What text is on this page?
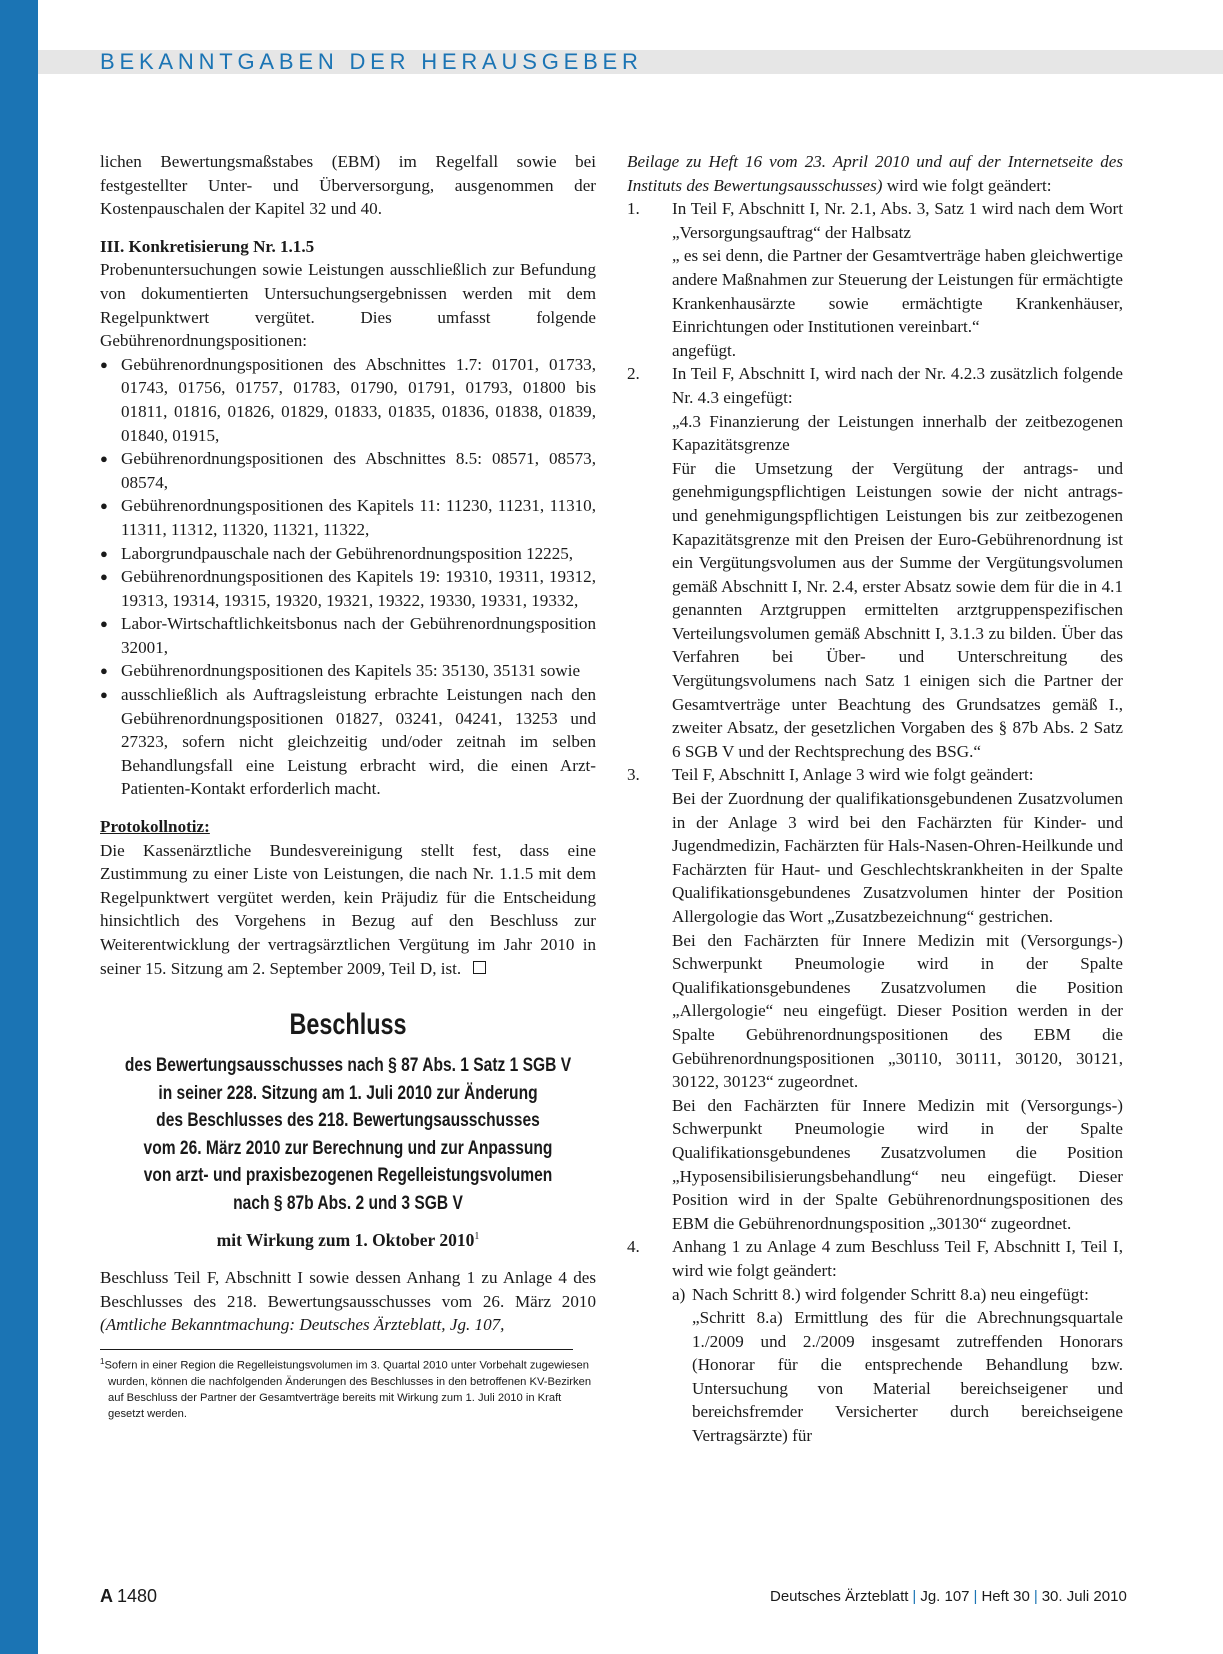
BEKANNTGABEN DER HERAUSGEBER

lichen Bewertungsmaßstabes (EBM) im Regelfall sowie bei festgestellter Unter- und Überversorgung, ausgenommen der Kostenpauschalen der Kapitel 32 und 40.

III. Konkretisierung Nr. 1.1.5

Probenuntersuchungen sowie Leistungen ausschließlich zur Befundung von dokumentierten Untersuchungsergebnissen werden mit dem Regelpunktwert vergütet. Dies umfasst folgende Gebührenordnungspositionen:

● Gebührenordnungspositionen des Abschnittes 1.7: 01701, 01733, 01743, 01756, 01757, 01783, 01790, 01791, 01793, 01800 bis 01811, 01816, 01826, 01829, 01833, 01835, 01836, 01838, 01839, 01840, 01915,
● Gebührenordnungspositionen des Abschnittes 8.5: 08571, 08573, 08574,
● Gebührenordnungspositionen des Kapitels 11: 11230, 11231, 11310, 11311, 11312, 11320, 11321, 11322,
● Laborgrundpauschale nach der Gebührenordnungsposition 12225,
● Gebührenordnungspositionen des Kapitels 19: 19310, 19311, 19312, 19313, 19314, 19315, 19320, 19321, 19322, 19330, 19331, 19332,
● Labor-Wirtschaftlichkeitsbonus nach der Gebührenordnungsposition 32001,
● Gebührenordnungspositionen des Kapitels 35: 35130, 35131 sowie
● ausschließlich als Auftragsleistung erbrachte Leistungen nach den Gebührenordnungspositionen 01827, 03241, 04241, 13253 und 27323, sofern nicht gleichzeitig und/oder zeitnah im selben Behandlungsfall eine Leistung erbracht wird, die einen Arzt-Patienten-Kontakt erforderlich macht.

Protokollnotiz:

Die Kassenärztliche Bundesvereinigung stellt fest, dass eine Zustimmung zu einer Liste von Leistungen, die nach Nr. 1.1.5 mit dem Regelpunktwert vergütet werden, kein Präjudiz für die Entscheidung hinsichtlich des Vorgehens in Bezug auf den Beschluss zur Weiterentwicklung der vertragsärztlichen Vergütung im Jahr 2010 in seiner 15. Sitzung am 2. September 2009, Teil D, ist.

Beschluss
des Bewertungsausschusses nach § 87 Abs. 1 Satz 1 SGB V
in seiner 228. Sitzung am 1. Juli 2010 zur Änderung
des Beschlusses des 218. Bewertungsausschusses
vom 26. März 2010 zur Berechnung und zur Anpassung
von arzt- und praxisbezogenen Regelleistungsvolumen
nach § 87b Abs. 2 und 3 SGB V
mit Wirkung zum 1. Oktober 2010$^1$

Beschluss Teil F, Abschnitt I sowie dessen Anhang 1 zu Anlage 4 des Beschlusses des 218. Bewertungsausschusses vom 26. März 2010 (Amtliche Bekanntmachung: Deutsches Ärzteblatt, Jg. 107,

$^1$Sofern in einer Region die Regelleistungsvolumen im 3. Quartal 2010 unter Vorbehalt zugewiesen wurden, können die nachfolgenden Änderungen des Beschlusses in den betroffenen KV-Bezirken auf Beschluss der Partner der Gesamtverträge bereits mit Wirkung zum 1. Juli 2010 in Kraft gesetzt werden.

Beilage zu Heft 16 vom 23. April 2010 und auf der Internetseite des Instituts des Bewertungsausschusses) wird wie folgt geändert:

1. In Teil F, Abschnitt I, Nr. 2.1, Abs. 3, Satz 1 wird nach dem Wort „Versorgungsauftrag“ der Halbsatz

„ es sei denn, die Partner der Gesamtverträge haben gleichwertige andere Maßnahmen zur Steuerung der Leistungen für ermächtigte Krankenhausärzte sowie ermächtigte Krankenhäuser, Einrichtungen oder Institutionen vereinbart.“

angefügt.

2. In Teil F, Abschnitt I, wird nach der Nr. 4.2.3 zusätzlich folgende Nr. 4.3 eingefügt:

„4.3 Finanzierung der Leistungen innerhalb der zeitbezogenen Kapazitätsgrenze

Für die Umsetzung der Vergütung der antrags- und genehmigungspflichtigen Leistungen sowie der nicht antrags- und genehmigungspflichtigen Leistungen bis zur zeitbezogenen Kapazitätsgrenze mit den Preisen der Euro-Gebührenordnung ist ein Vergütungsvolumen aus der Summe der Vergütungsvolumen gemäß Abschnitt I, Nr. 2.4, erster Absatz sowie dem für die in 4.1 genannten Arztgruppen ermittelten arztgruppenspezifischen Verteilungsvolumen gemäß Abschnitt I, 3.1.3 zu bilden. Über das Verfahren bei Über- und Unterschreitung des Vergütungsvolumens nach Satz 1 einigen sich die Partner der Gesamtverträge unter Beachtung des Grundsatzes gemäß I., zweiter Absatz, der gesetzlichen Vorgaben des § 87b Abs. 2 Satz 6 SGB V und der Rechtsprechung des BSG.“

3. Teil F, Abschnitt I, Anlage 3 wird wie folgt geändert:

Bei der Zuordnung der qualifikationsgebundenen Zusatzvolumen in der Anlage 3 wird bei den Fachärzten für Kinder- und Jugendmedizin, Fachärzten für Hals-Nasen-Ohren-Heilkunde und Fachärzten für Haut- und Geschlechtskrankheiten in der Spalte Qualifikationsgebundenes Zusatzvolumen hinter der Position Allergologie das Wort „Zusatzbezeichnung“ gestrichen.

Bei den Fachärzten für Innere Medizin mit (Versorgungs-) Schwerpunkt Pneumologie wird in der Spalte Qualifikationsgebundenes Zusatzvolumen die Position „Allergologie“ neu eingefügt. Dieser Position werden in der Spalte Gebührenordnungspositionen des EBM die Gebührenordnungspositionen „30110, 30111, 30120, 30121, 30122, 30123“ zugeordnet.

Bei den Fachärzten für Innere Medizin mit (Versorgungs-) Schwerpunkt Pneumologie wird in der Spalte Qualifikationsgebundenes Zusatzvolumen die Position „Hyposensibilisierungsbehandlung“ neu eingefügt. Dieser Position wird in der Spalte Gebührenordnungspositionen des EBM die Gebührenordnungsposition „30130“ zugeordnet.

4. Anhang 1 zu Anlage 4 zum Beschluss Teil F, Abschnitt I, Teil I, wird wie folgt geändert:

a) Nach Schritt 8.) wird folgender Schritt 8.a) neu eingefügt:

„Schritt 8.a) Ermittlung des für die Abrechnungsquartale 1./2009 und 2./2009 insgesamt zutreffenden Honorars (Honorar für die entsprechende Behandlung bzw. Untersuchung von Material bereichseigener und bereichsfremder Versicherter durch bereichseigene Vertragsärzte) für

A 1480	Deutsches Ärzteblatt | Jg. 107 | Heft 30 | 30. Juli 2010
